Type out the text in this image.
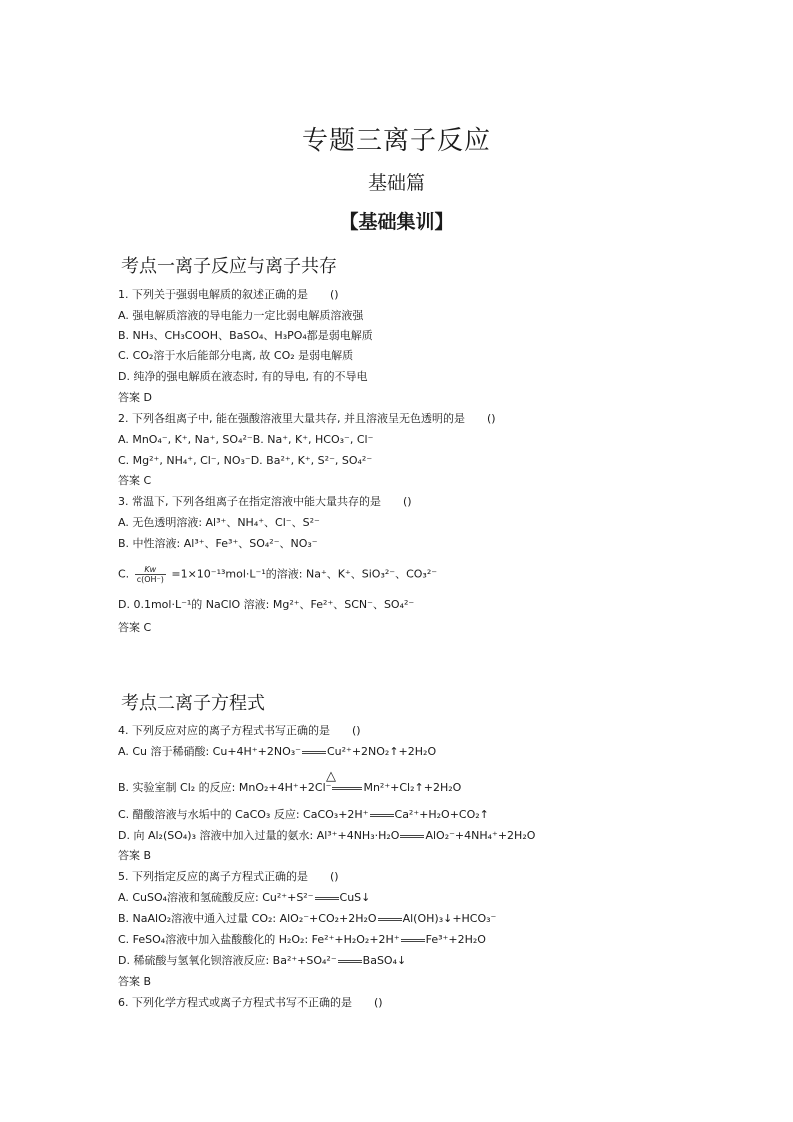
专题三离子反应
基础篇
【基础集训】
考点一离子反应与离子共存
1. 下列关于强弱电解质的叙述正确的是　　()
A. 强电解质溶液的导电能力一定比弱电解质溶液强
B. NH₃、CH₃COOH、BaSO₄、H₃PO₄都是弱电解质
C. CO₂溶于水后能部分电离, 故 CO₂ 是弱电解质
D. 纯净的强电解质在液态时, 有的导电, 有的不导电
答案 D
2. 下列各组离子中, 能在强酸溶液里大量共存, 并且溶液呈无色透明的是　　()
A. MnO₄⁻, K⁺, Na⁺, SO₄²⁻B. Na⁺, K⁺, HCO₃⁻, Cl⁻
C. Mg²⁺, NH₄⁺, Cl⁻, NO₃⁻D. Ba²⁺, K⁺, S²⁻, SO₄²⁻
答案 C
3. 常温下, 下列各组离子在指定溶液中能大量共存的是　　()
A. 无色透明溶液: Al³⁺、NH₄⁺、Cl⁻、S²⁻
B. 中性溶液: Al³⁺、Fe³⁺、SO₄²⁻、NO₃⁻
C. $\frac{Kw}{c(OH^-)} =1\times 10^{-13}mol\cdot L^{-1}$的溶液: Na⁺、K⁺、SiO₃²⁻、CO₃²⁻
D. 0.1mol·L⁻¹的 NaClO 溶液: Mg²⁺、Fe²⁺、SCN⁻、SO₄²⁻
答案 C
考点二离子方程式
4. 下列反应对应的离子方程式书写正确的是　　()
A. Cu 溶于稀硝酸: Cu+4H⁺+2NO₃⁻ Cu²⁺+2NO₂↑+2H₂O
△
B. 实验室制 Cl₂ 的反应: MnO₂+4H⁺+2Cl⁻	Mn²⁺+Cl₂↑+2H₂O
C. 醋酸溶液与水垢中的 CaCO₃ 反应: CaCO₃+2H⁺ Ca²⁺+H₂O+CO₂↑
D. 向 Al₂(SO₄)₃ 溶液中加入过量的氨水: Al³⁺+4NH₃·H₂O AlO₂⁻+4NH₄⁺+2H₂O
答案 B
5. 下列指定反应的离子方程式正确的是　　()
A. CuSO₄溶液和氢硫酸反应: Cu²⁺+S²⁻ CuS↓
B. NaAlO₂溶液中通入过量 CO₂: AlO₂⁻+CO₂+2H₂O Al(OH)₃↓+HCO₃⁻
C. FeSO₄溶液中加入盐酸酸化的 H₂O₂: Fe²⁺+H₂O₂+2H⁺ Fe³⁺+2H₂O
D. 稀硫酸与氢氧化钡溶液反应: Ba²⁺+SO₄²⁻ BaSO₄↓
答案 B
6. 下列化学方程式或离子方程式书写不正确的是　　()
